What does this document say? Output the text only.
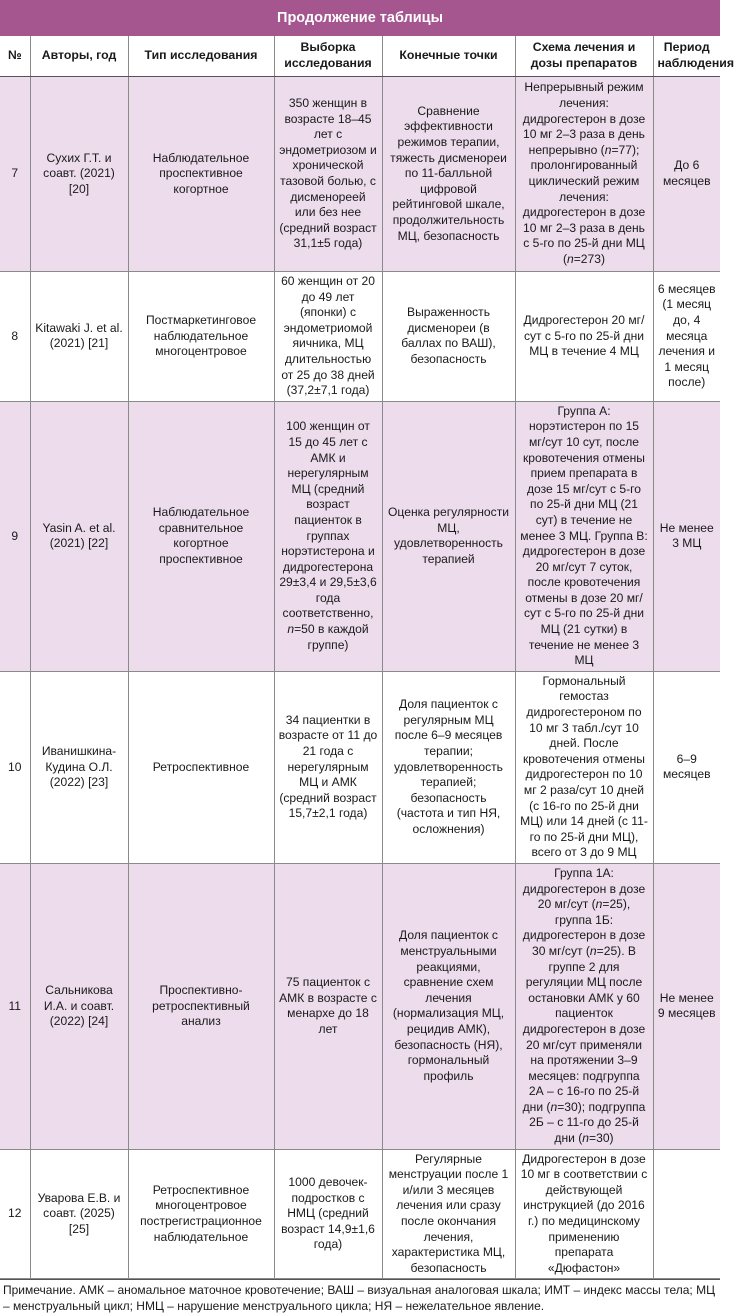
Продолжение таблицы
№	Авторы, год	Тип исследования	Выборка исследования	Конечные точки	Схема лечения и дозы препаратов	Период наблюдения
7	Сухих Г.Т. и соавт. (2021) [20]	Наблюдательное проспективное когортное	350 женщин в возрасте 18–45 лет с эндометриозом и хронической тазовой болью, с дисменореей или без нее (средний возраст 31,1±5 года)	Сравнение эффективности режимов терапии, тяжесть дисменореи по 11-балльной цифровой рейтинговой шкале, продолжительность МЦ, безопасность	Непрерывный режим лечения: дидрогестерон в дозе 10 мг 2–3 раза в день непрерывно (n=77); пролонгированный циклический режим лечения: дидрогестерон в дозе 10 мг 2–3 раза в день с 5-го по 25-й дни МЦ (n=273)	До 6 месяцев
8	Kitawaki J. et al. (2021) [21]	Постмаркетинговое наблюдательное многоцентровое	60 женщин от 20 до 49 лет (японки) с эндометриомой яичника, МЦ длительностью от 25 до 38 дней (37,2±7,1 года)	Выраженность дисменореи (в баллах по ВАШ), безопасность	Дидрогестерон 20 мг/сут с 5-го по 25-й дни МЦ в течение 4 МЦ	6 месяцев (1 месяц до, 4 месяца лечения и 1 месяц после)
9	Yasin A. et al. (2021) [22]	Наблюдательное сравнительное когортное проспективное	100 женщин от 15 до 45 лет с АМК и нерегулярным МЦ (средний возраст пациенток в группах норэтистерона и дидрогестерона 29±3,4 и 29,5±3,6 года соответственно, n=50 в каждой группе)	Оценка регулярности МЦ, удовлетворенность терапией	Группа А: норэтистерон по 15 мг/сут 10 сут, после кровотечения отмены прием препарата в дозе 15 мг/сут с 5-го по 25-й дни МЦ (21 сут) в течение не менее 3 МЦ. Группа В: дидрогестерон в дозе 20 мг/сут 7 суток, после кровотечения отмены в дозе 20 мг/сут с 5-го по 25-й дни МЦ (21 сутки) в течение не менее 3 МЦ	Не менее 3 МЦ
10	Иванишкина-Кудина О.Л. (2022) [23]	Ретроспективное	34 пациентки в возрасте от 11 до 21 года с нерегулярным МЦ и АМК (средний возраст 15,7±2,1 года)	Доля пациенток с регулярным МЦ после 6–9 месяцев терапии; удовлетворенность терапией; безопасность (частота и тип НЯ, осложнения)	Гормональный гемостаз дидрогестероном по 10 мг 3 табл./сут 10 дней. После кровотечения отмены дидрогестерон по 10 мг 2 раза/сут 10 дней (с 16-го по 25-й дни МЦ) или 14 дней (с 11-го по 25-й дни МЦ), всего от 3 до 9 МЦ	6–9 месяцев
11	Сальникова И.А. и соавт. (2022) [24]	Проспективно-ретроспективный анализ	75 пациенток с АМК в возрасте с менархе до 18 лет	Доля пациенток с менструальными реакциями, сравнение схем лечения (нормализация МЦ, рецидив АМК), безопасность (НЯ), гормональный профиль	Группа 1А: дидрогестерон в дозе 20 мг/сут (n=25), группа 1Б: дидрогестерон в дозе 30 мг/сут (n=25). В группе 2 для регуляции МЦ после остановки АМК у 60 пациенток дидрогестерон в дозе 20 мг/сут применяли на протяжении 3–9 месяцев: подгруппа 2А – с 16-го по 25-й дни (n=30); подгруппа 2Б – с 11-го до 25-й дни (n=30)	Не менее 9 месяцев
12	Уварова Е.В. и соавт. (2025) [25]	Ретроспективное многоцентровое пострегистрационное наблюдательное	1000 девочек-подростков с НМЦ (средний возраст 14,9±1,6 года)	Регулярные менструации после 1 и/или 3 месяцев лечения или сразу после окончания лечения, характеристика МЦ, безопасность	Дидрогестерон в дозе 10 мг в соответствии с действующей инструкцией (до 2016 г.) по медицинскому применению препарата «Дюфастон»	
Примечание. АМК – аномальное маточное кровотечение; ВАШ – визуальная аналоговая шкала; ИМТ – индекс массы тела; МЦ – менструальный цикл; НМЦ – нарушение менструального цикла; НЯ – нежелательное явление.
